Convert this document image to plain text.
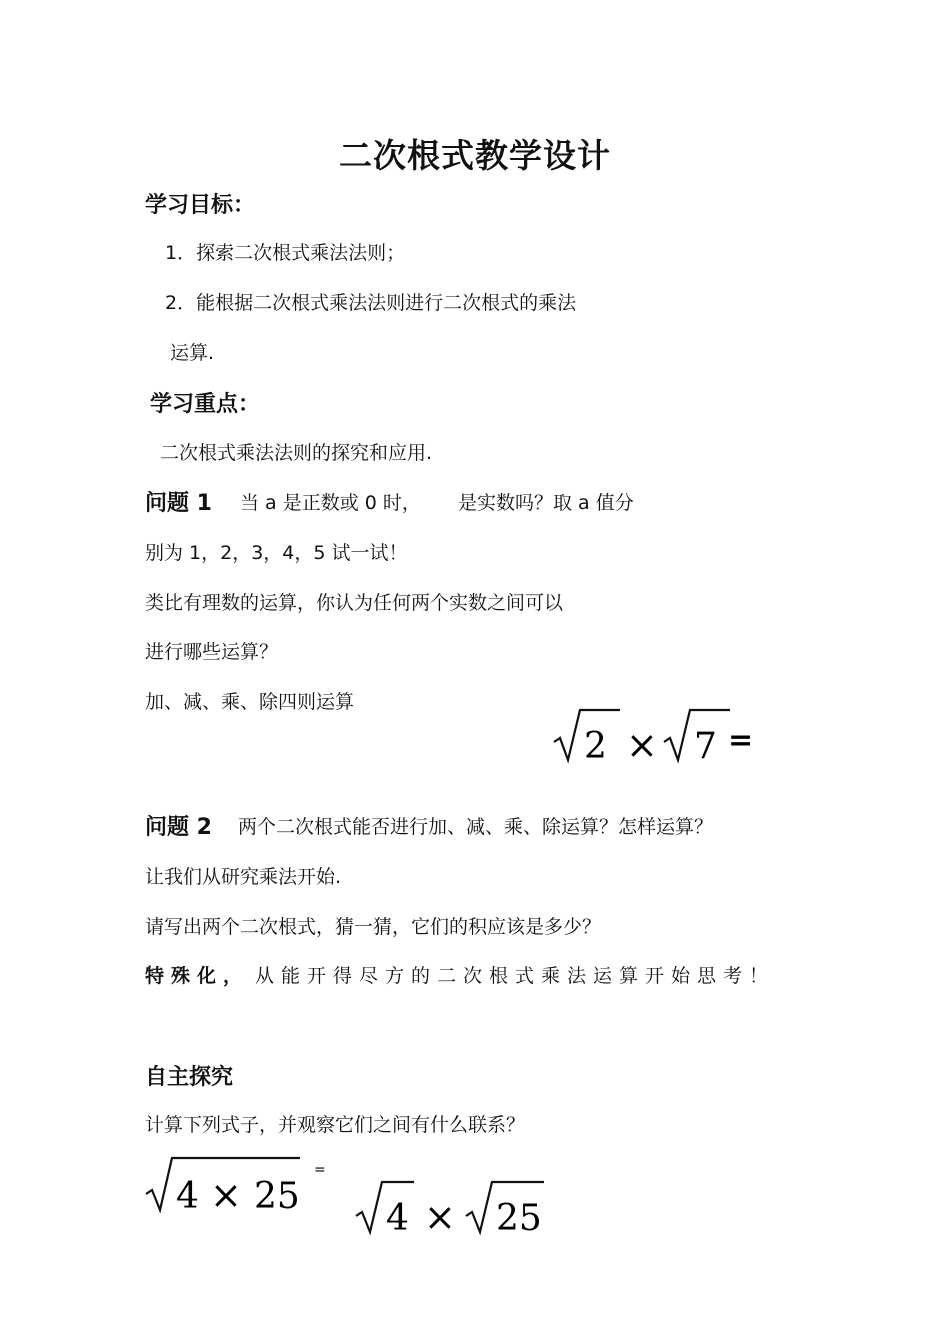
二次根式教学设计
学习目标：
1．探索二次根式乘法法则；
2．能根据二次根式乘法法则进行二次根式的乘法
运算.
学习重点：
二次根式乘法法则的探究和应用.
问题 1 当 a 是正数或 0 时， 是实数吗？取 a 值分
别为 1，2，3，4，5 试一试！
类比有理数的运算，你认为任何两个实数之间可以
进行哪些运算？
加、减、乘、除四则运算
2 × 7 =
问题 2 两个二次根式能否进行加、减、乘、除运算？怎样运算？
让我们从研究乘法开始.
请写出两个二次根式，猜一猜，它们的积应该是多少？
特殊化， 从能开得尽方的二次根式乘法运算开始思考！
自主探究
计算下列式子，并观察它们之间有什么联系？
4 × 25
=
4 × 25
